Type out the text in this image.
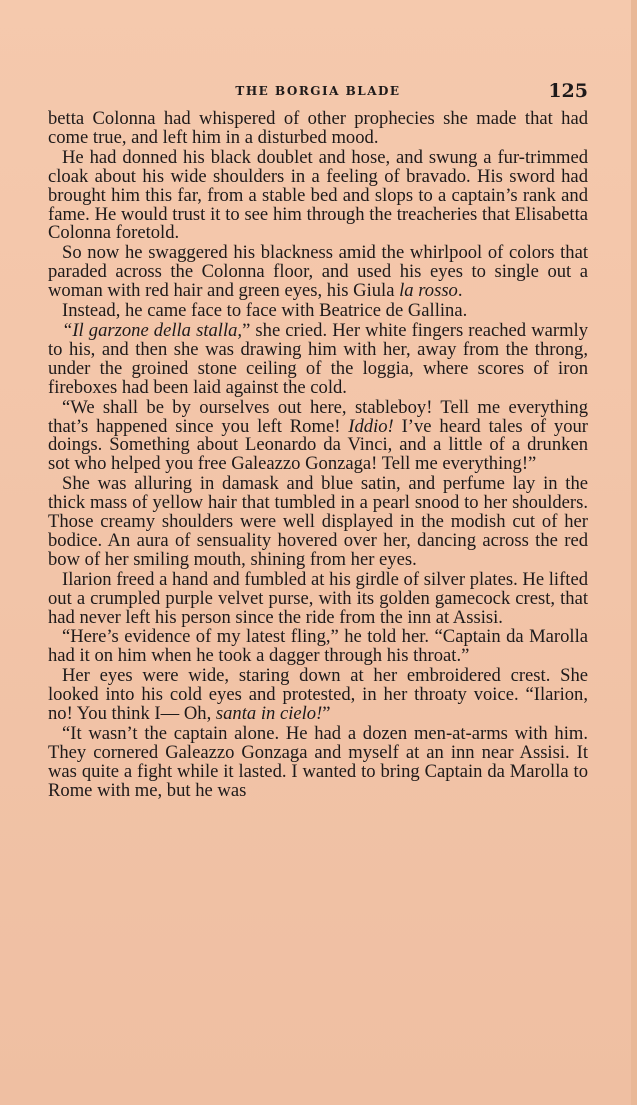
THE BORGIA BLADE	125

betta Colonna had whispered of other prophecies she made that had come true, and left him in a disturbed mood.

He had donned his black doublet and hose, and swung a fur-trimmed cloak about his wide shoulders in a feeling of bravado. His sword had brought him this far, from a stable bed and slops to a captain’s rank and fame. He would trust it to see him through the treacheries that Elisabetta Colonna foretold.

So now he swaggered his blackness amid the whirlpool of colors that paraded across the Colonna floor, and used his eyes to single out a woman with red hair and green eyes, his Giula la rosso.

Instead, he came face to face with Beatrice de Gallina.

“Il garzone della stalla,” she cried. Her white fingers reached warmly to his, and then she was drawing him with her, away from the throng, under the groined stone ceiling of the loggia, where scores of iron fireboxes had been laid against the cold.

“We shall be by ourselves out here, stableboy! Tell me everything that’s happened since you left Rome! Iddio! I’ve heard tales of your doings. Something about Leonardo da Vinci, and a little of a drunken sot who helped you free Galeazzo Gonzaga! Tell me everything!”

She was alluring in damask and blue satin, and perfume lay in the thick mass of yellow hair that tumbled in a pearl snood to her shoulders. Those creamy shoulders were well displayed in the modish cut of her bodice. An aura of sensuality hovered over her, dancing across the red bow of her smiling mouth, shining from her eyes.

Ilarion freed a hand and fumbled at his girdle of silver plates. He lifted out a crumpled purple velvet purse, with its golden gamecock crest, that had never left his person since the ride from the inn at Assisi.

“Here’s evidence of my latest fling,” he told her. “Captain da Marolla had it on him when he took a dagger through his throat.”

Her eyes were wide, staring down at her embroidered crest. She looked into his cold eyes and protested, in her throaty voice. “Ilarion, no! You think I— Oh, santa in cielo!”

“It wasn’t the captain alone. He had a dozen men-at-arms with him. They cornered Galeazzo Gonzaga and myself at an inn near Assisi. It was quite a fight while it lasted. I wanted to bring Captain da Marolla to Rome with me, but he was
